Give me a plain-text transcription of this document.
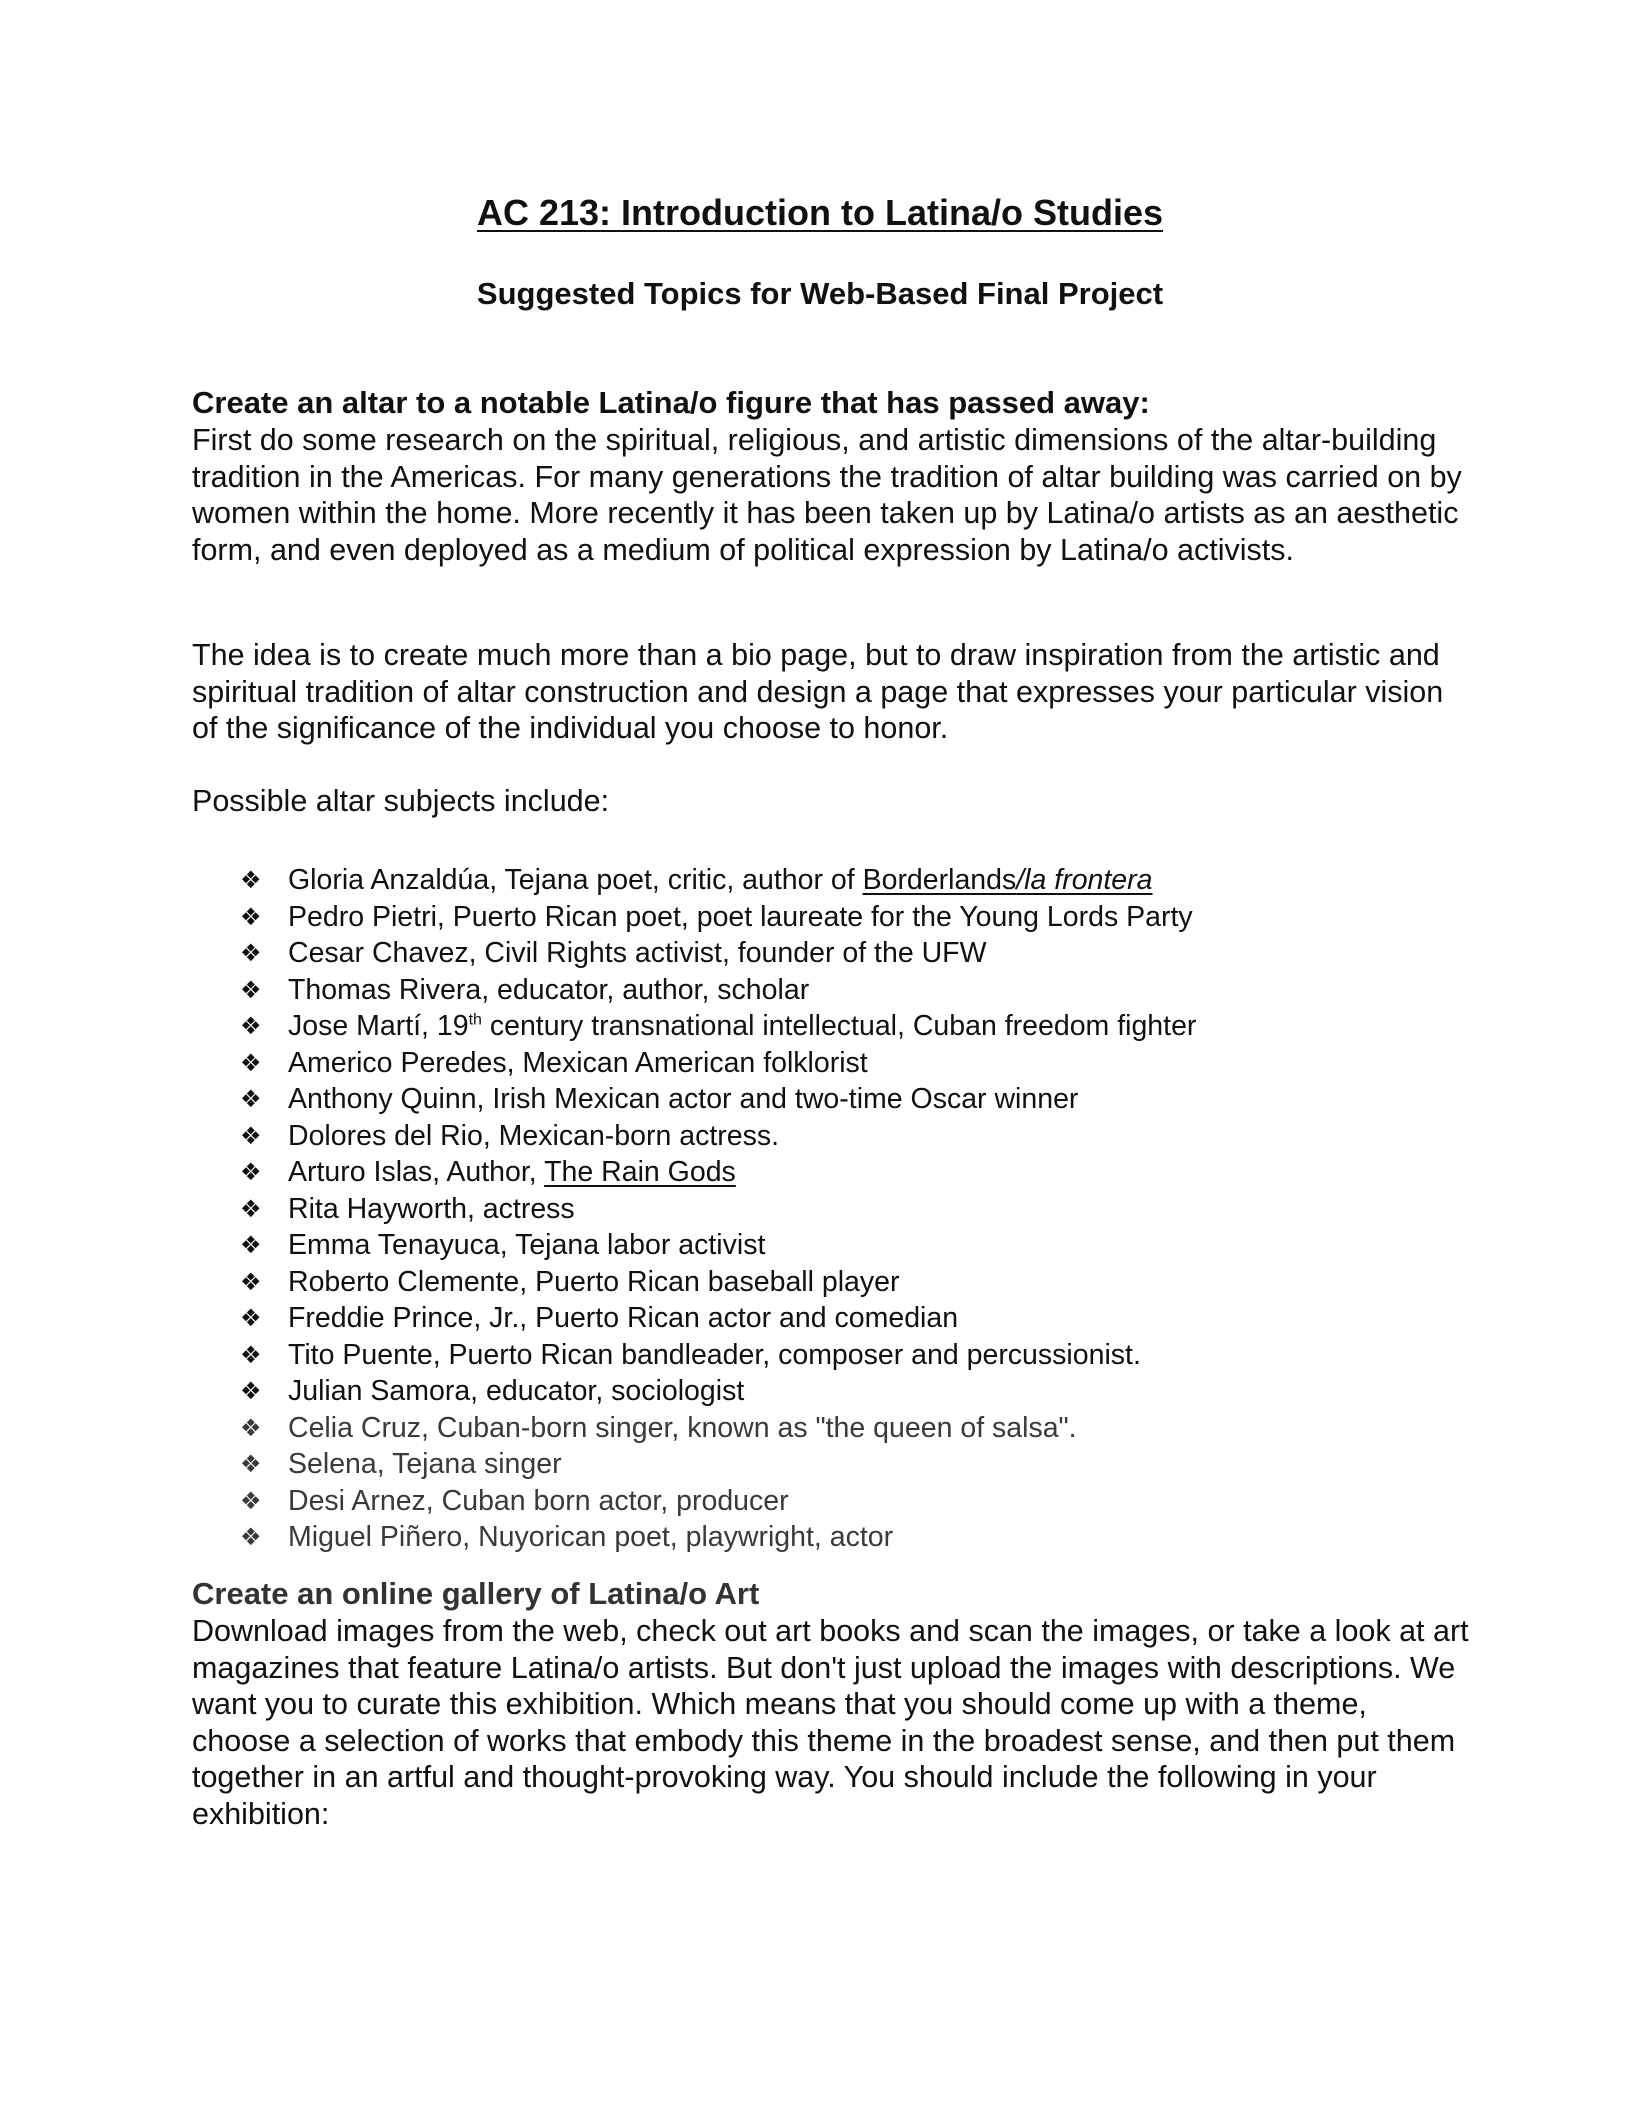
AC 213: Introduction to Latina/o Studies
Suggested Topics for Web-Based Final Project

Create an altar to a notable Latina/o figure that has passed away:

First do some research on the spiritual, religious, and artistic dimensions of the altar-building tradition in the Americas. For many generations the tradition of altar building was carried on by women within the home. More recently it has been taken up by Latina/o artists as an aesthetic form, and even deployed as a medium of political expression by Latina/o activists.

The idea is to create much more than a bio page, but to draw inspiration from the artistic and spiritual tradition of altar construction and design a page that expresses your particular vision of the significance of the individual you choose to honor.

Possible altar subjects include:

❖ Gloria Anzaldúa, Tejana poet, critic, author of Borderlands/la frontera
❖ Pedro Pietri, Puerto Rican poet, poet laureate for the Young Lords Party
❖ Cesar Chavez, Civil Rights activist, founder of the UFW
❖ Thomas Rivera, educator, author, scholar
❖ Jose Martí, 19th century transnational intellectual, Cuban freedom fighter
❖ Americo Peredes, Mexican American folklorist
❖ Anthony Quinn, Irish Mexican actor and two-time Oscar winner
❖ Dolores del Rio, Mexican-born actress.
❖ Arturo Islas, Author, The Rain Gods
❖ Rita Hayworth, actress
❖ Emma Tenayuca, Tejana labor activist
❖ Roberto Clemente, Puerto Rican baseball player
❖ Freddie Prince, Jr., Puerto Rican actor and comedian
❖ Tito Puente, Puerto Rican bandleader, composer and percussionist.
❖ Julian Samora, educator, sociologist
❖ Celia Cruz, Cuban-born singer, known as "the queen of salsa".
❖ Selena, Tejana singer
❖ Desi Arnez, Cuban born actor, producer
❖ Miguel Piñero, Nuyorican poet, playwright, actor

Create an online gallery of Latina/o Art

Download images from the web, check out art books and scan the images, or take a look at art magazines that feature Latina/o artists. But don't just upload the images with descriptions. We want you to curate this exhibition. Which means that you should come up with a theme, choose a selection of works that embody this theme in the broadest sense, and then put them together in an artful and thought-provoking way. You should include the following in your exhibition:
